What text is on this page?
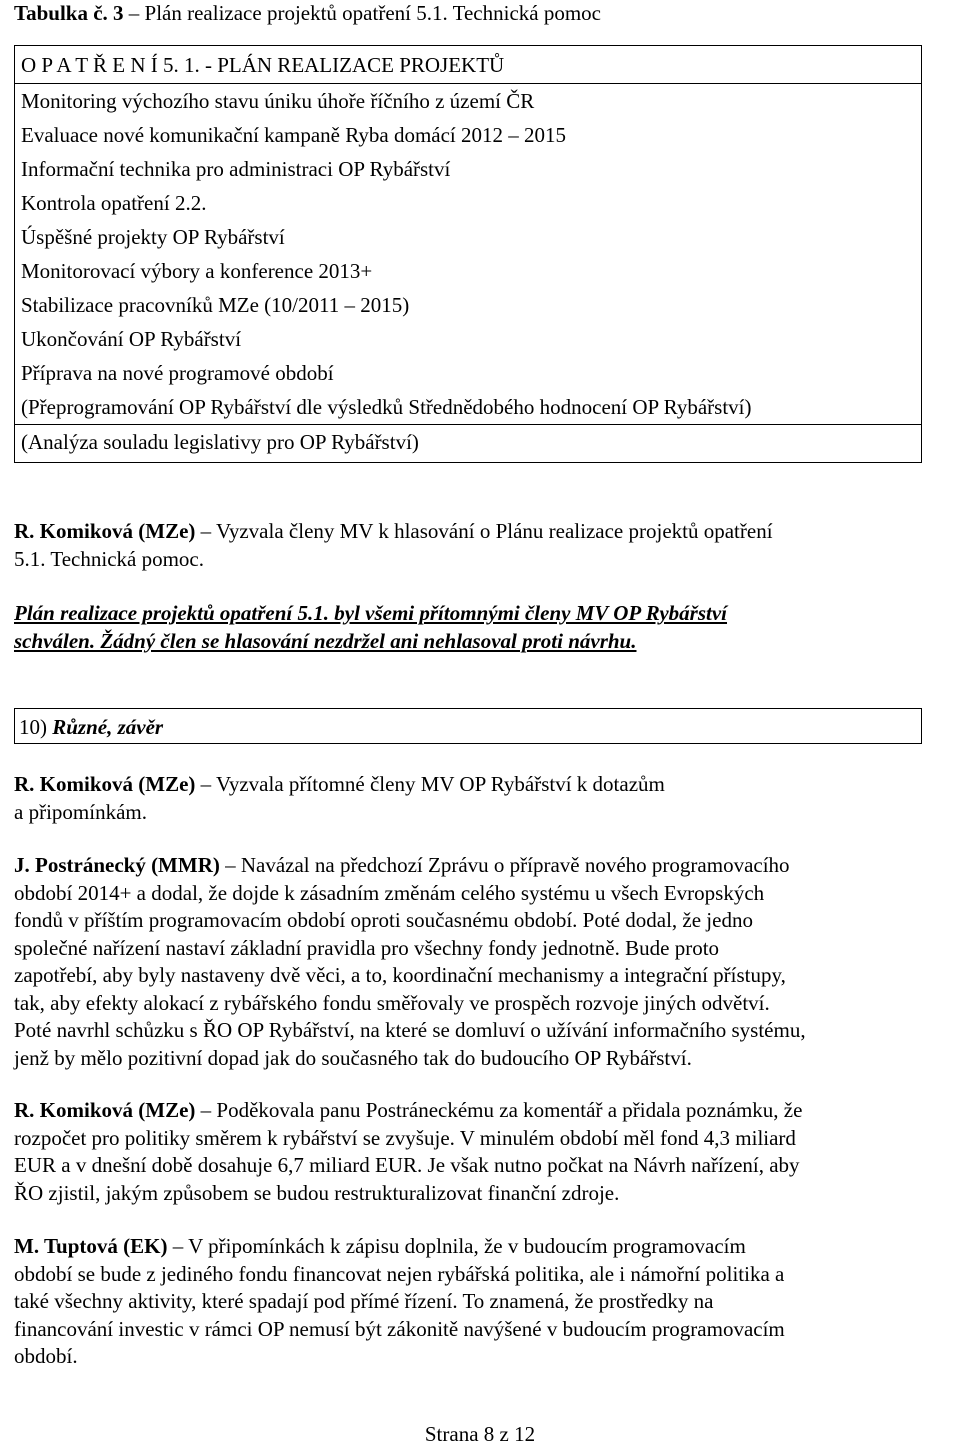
Tabulka č. 3 – Plán realizace projektů opatření 5.1. Technická pomoc
O P A T Ř E N Í 5. 1. - PLÁN REALIZACE PROJEKTŮ
Monitoring výchozího stavu úniku úhoře říčního z území ČR
Evaluace nové komunikační kampaně Ryba domácí 2012 – 2015
Informační technika pro administraci OP Rybářství
Kontrola opatření 2.2.
Úspěšné projekty OP Rybářství
Monitorovací výbory a konference 2013+
Stabilizace pracovníků MZe (10/2011 – 2015)
Ukončování OP Rybářství
Příprava na nové programové období
(Přeprogramování OP Rybářství dle výsledků Střednědobého hodnocení OP Rybářství)
(Analýza souladu legislativy pro OP Rybářství)
R. Komiková (MZe) – Vyzvala členy MV k hlasování o Plánu realizace projektů opatření
5.1. Technická pomoc.
Plán realizace projektů opatření 5.1. byl všemi přítomnými členy MV OP Rybářství
schválen. Žádný člen se hlasování nezdržel ani nehlasoval proti návrhu.
10) Různé, závěr
R. Komiková (MZe) – Vyzvala přítomné členy MV OP Rybářství k dotazům
a připomínkám.
J. Postránecký (MMR) – Navázal na předchozí Zprávu o přípravě nového programovacího
období 2014+ a dodal, že dojde k zásadním změnám celého systému u všech Evropských
fondů v příštím programovacím období oproti současnému období. Poté dodal, že jedno
společné nařízení nastaví základní pravidla pro všechny fondy jednotně. Bude proto
zapotřebí, aby byly nastaveny dvě věci, a to, koordinační mechanismy a integrační přístupy,
tak, aby efekty alokací z rybářského fondu směřovaly ve prospěch rozvoje jiných odvětví.
Poté navrhl schůzku s ŘO OP Rybářství, na které se domluví o užívání informačního systému,
jenž by mělo pozitivní dopad jak do současného tak do budoucího OP Rybářství.
R. Komiková (MZe) – Poděkovala panu Postráneckému za komentář a přidala poznámku, že
rozpočet pro politiky směrem k rybářství se zvyšuje. V minulém období měl fond 4,3 miliard
EUR a v dnešní době dosahuje 6,7 miliard EUR. Je však nutno počkat na Návrh nařízení, aby
ŘO zjistil, jakým způsobem se budou restrukturalizovat finanční zdroje.
M. Tuptová (EK) – V připomínkách k zápisu doplnila, že v budoucím programovacím
období se bude z jediného fondu financovat nejen rybářská politika, ale i námořní politika a
také všechny aktivity, které spadají pod přímé řízení. To znamená, že prostředky na
financování investic v rámci OP nemusí být zákonitě navýšené v budoucím programovacím
období.
Strana 8 z 12
